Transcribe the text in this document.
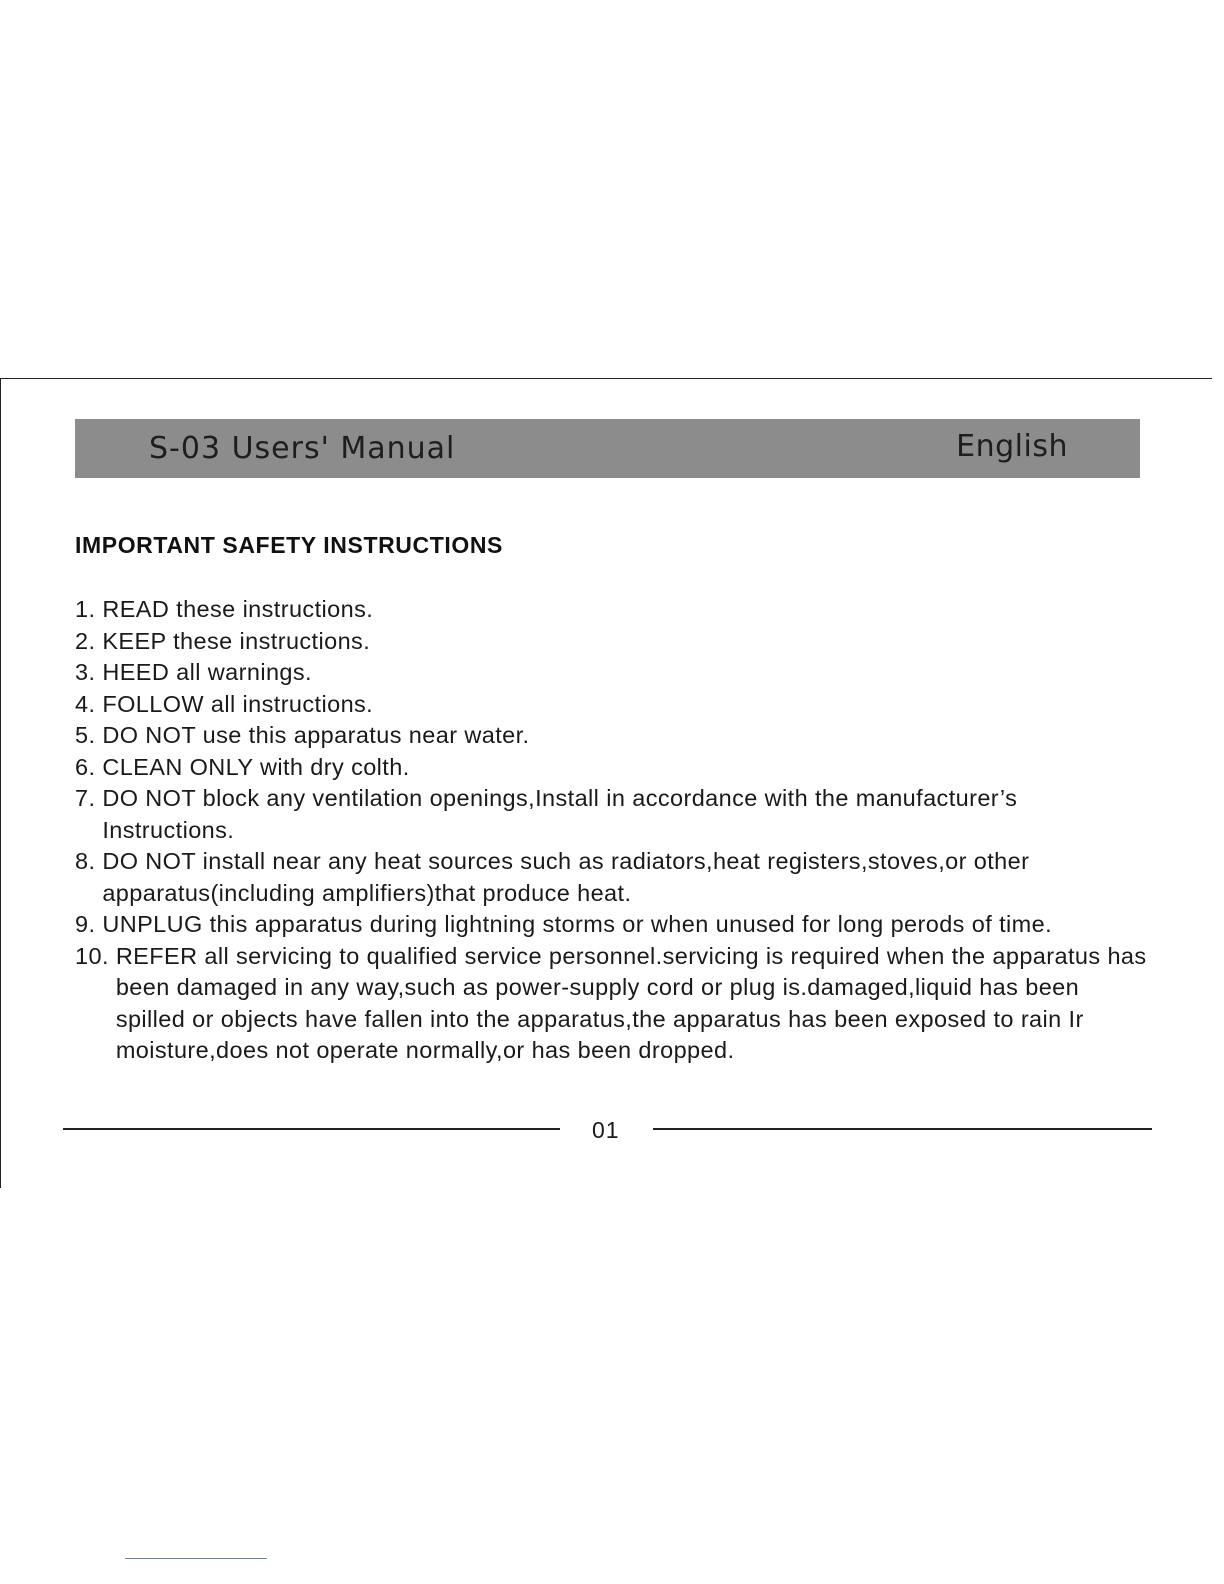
S-03 Users' Manual	English
IMPORTANT SAFETY INSTRUCTIONS
1. READ these instructions.
2. KEEP these instructions.
3. HEED all warnings.
4. FOLLOW all instructions.
5. DO NOT use this apparatus near water.
6. CLEAN ONLY with dry colth.
7. DO NOT block any ventilation openings,Install in accordance with the manufacturer’s Instructions.
8. DO NOT install near any heat sources such as radiators,heat registers,stoves,or other apparatus(including amplifiers)that produce heat.
9. UNPLUG this apparatus during lightning storms or when unused for long perods of time.
10. REFER all servicing to qualified service personnel.servicing is required when the apparatus has been damaged in any way,such as power-supply cord or plug is.damaged,liquid has been spilled or objects have fallen into the apparatus,the apparatus has been exposed to rain Ir moisture,does not operate normally,or has been dropped.
01
